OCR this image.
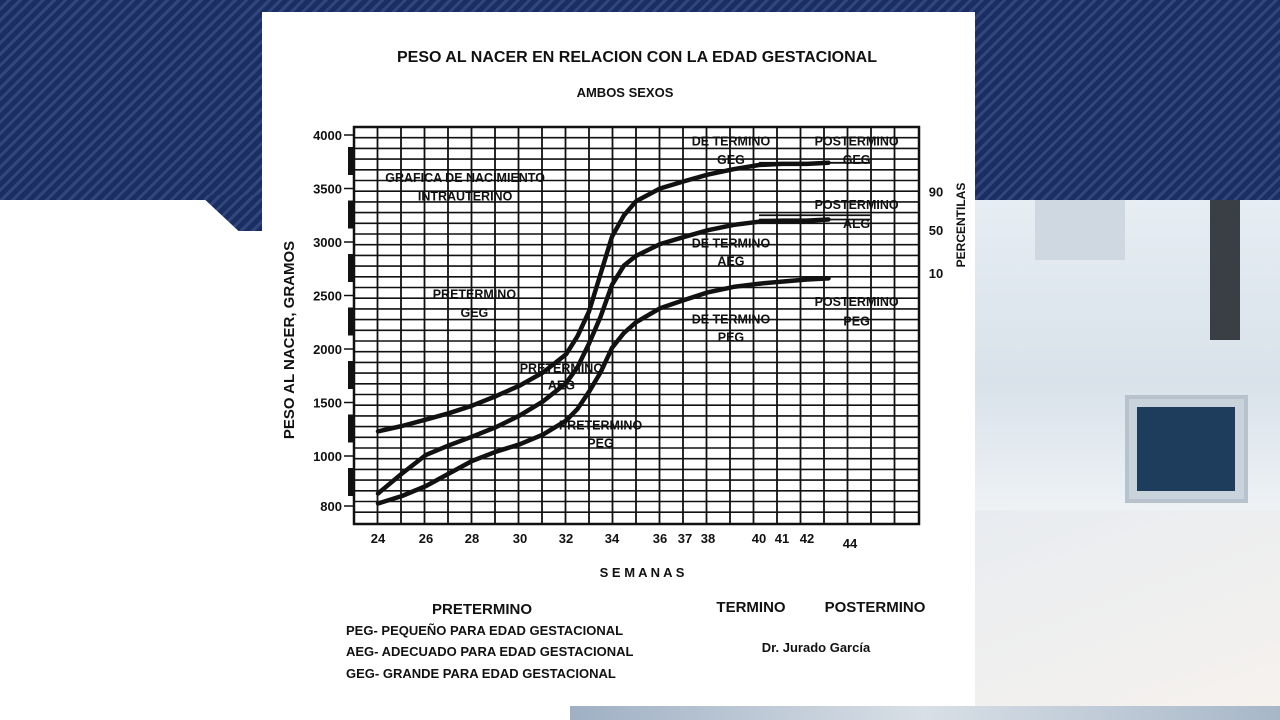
PESO AL NACER EN RELACION CON LA EDAD GESTACIONAL
AMBOS SEXOS
PESO AL NACER, GRAMOS
PERCENTILAS
S E M A N A S
4000
3500
3000
2500
2000
1500
1000
800
24	26 28	30 32 34	36 37 38	40 41 42 44
GRAFICA DE NACIMIENTO
INTRAUTERINO
DE TERMINO
GEG
POSTERMINO
GEG
POSTERMINO
AEG
DE TERMINO
AEG
PRETERMINO
GEG
POSTERMINO
PEG
DE TERMINO
PEG
PRETERMINO
AEG
PRETERMINO
PEG
90
50
10
PRETERMINO	TERMINO	POSTERMINO
PEG- PEQUEÑO PARA EDAD GESTACIONAL
AEG- ADECUADO PARA EDAD GESTACIONAL
GEG- GRANDE PARA EDAD GESTACIONAL
Dr. Jurado García
